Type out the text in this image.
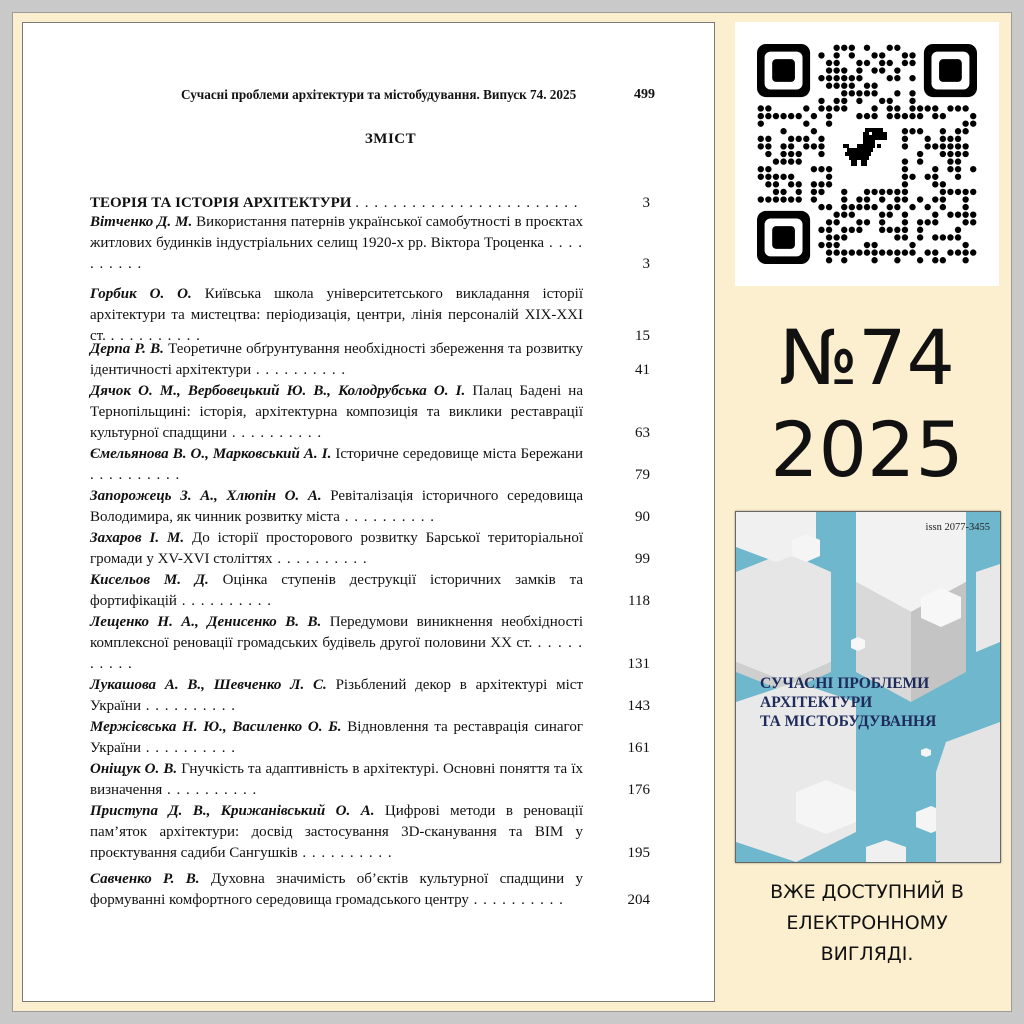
Сучасні проблеми архітектури та містобудування. Випуск 74. 2025	499
ЗМІСТ
ТЕОРІЯ ТА ІСТОРІЯ АРХІТЕКТУРИ . . . . . . . . . . . . . . . . . . . . . . . .	3
Вітченко Д. М. Використання патернів української самобутності в проєктах житлових будинків індустріальних селищ 1920-х рр. Віктора Троценка . . . . . . . . . .	3
Горбик О. О. Київська школа університетського викладання історії архітектури та мистецтва: періодизація, центри, лінія персоналій ХІХ-ХХІ ст. . . . . . . . . . .	15
Дерпа Р. В. Теоретичне обґрунтування необхідності збереження та розвитку ідентичності архітектури . . . . . . . . . .	41
Дячок О. М., Вербовецький Ю. В., Колодрубська О. І. Палац Бадені на Тернопільщині: історія, архітектурна композиція та виклики реставрації культурної спадщини . . . . . . . . . .	63
Ємельянова В. О., Марковський А. І. Історичне середовище міста Бережани . . . . . . . . . .	79
Запорожець З. А., Хлюпін О. А. Ревіталізація історичного середовища Володимира, як чинник розвитку міста . . . . . . . . . .	90
Захаров І. М. До історії просторового розвитку Барської територіальної громади у XV-XVI століттях . . . . . . . . . .	99
Кисельов М. Д. Оцінка ступенів деструкції історичних замків та фортифікацій . . . . . . . . . .	118
Лещенко Н. А., Денисенко В. В. Передумови виникнення необхідності комплексної реновації громадських будівель другої половини ХХ ст. . . . . . . . . . .	131
Лукашова А. В., Шевченко Л. С. Різьблений декор в архітектурі міст України . . . . . . . . . .	143
Мержієвська Н. Ю., Василенко О. Б. Відновлення та реставрація синагог України . . . . . . . . . .	161
Оніщук О. В. Гнучкість та адаптивність в архітектурі. Основні поняття та їх визначення . . . . . . . . . .	176
Приступа Д. В., Крижанівський О. А. Цифрові методи в реновації пам’яток архітектури: досвід застосування 3D-сканування та BIM у проєктування садиби Сангушків . . . . . . . . . .	195
Савченко Р. В. Духовна значимість об’єктів культурної спадщини у формуванні комфортного середовища громадського центру . . . . . . . . . .	204
№74
2025
issn 2077-3455
СУЧАСНІ ПРОБЛЕМИ
АРХІТЕКТУРИ
ТА МІСТОБУДУВАННЯ
ВЖЕ ДОСТУПНИЙ В
ЕЛЕКТРОННОМУ
ВИГЛЯДІ.
